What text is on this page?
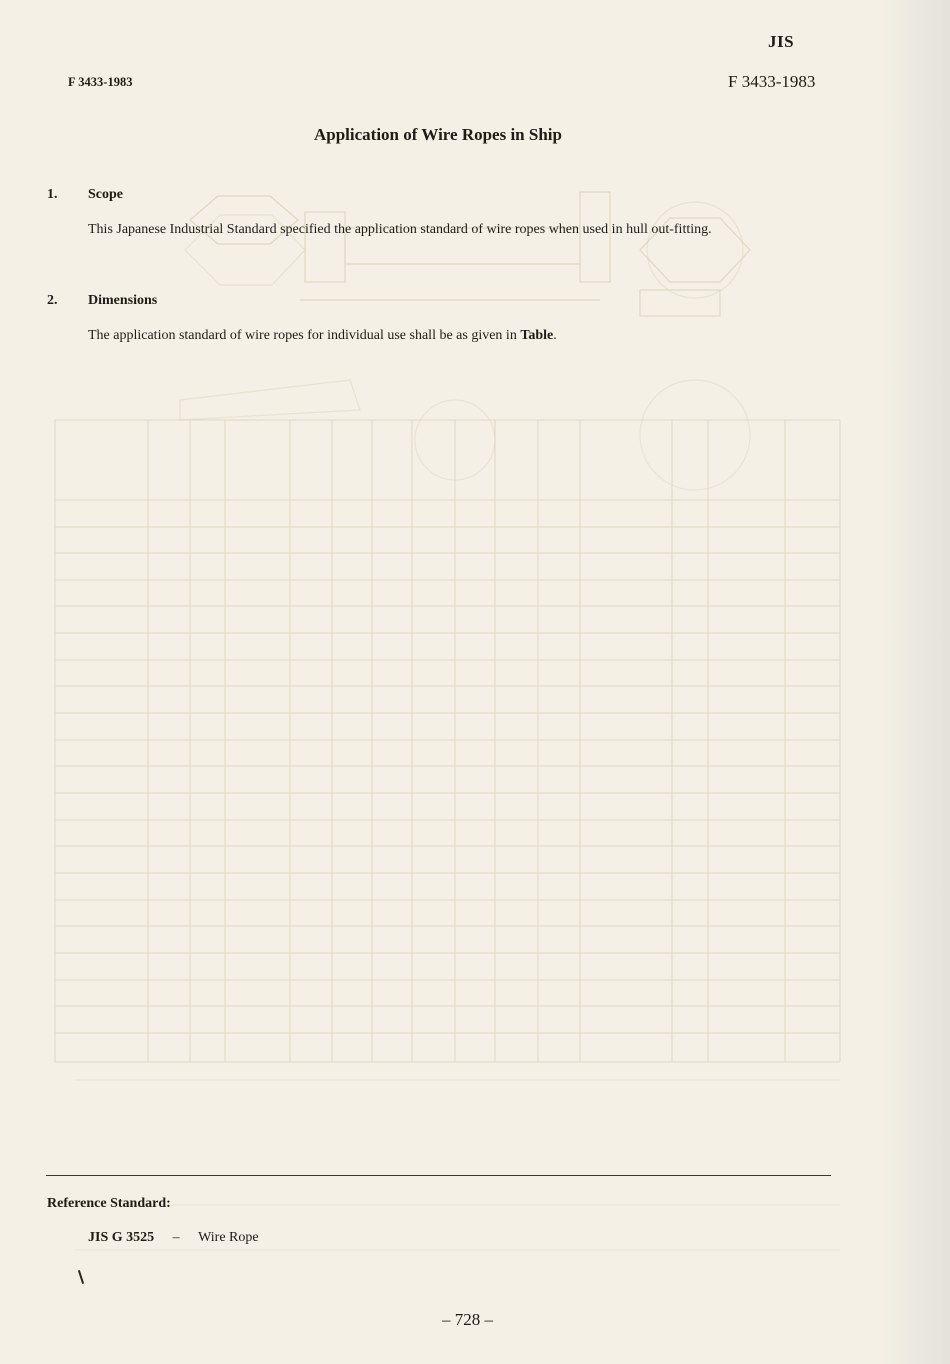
JIS
F 3433-1983	F 3433-1983
Application of Wire Ropes in Ship
1. Scope
This Japanese Industrial Standard specified the application standard of wire ropes when used in hull out-fitting.
2. Dimensions
The application standard of wire ropes for individual use shall be as given in Table.
Reference Standard:
JIS G 3525 – Wire Rope
– 728 –
